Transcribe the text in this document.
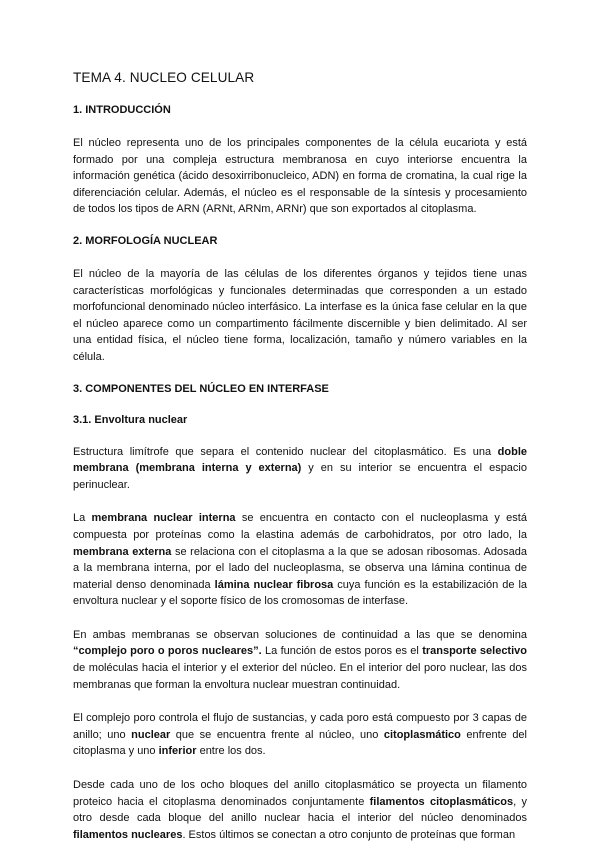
TEMA 4. NUCLEO CELULAR
1. INTRODUCCIÓN

El núcleo representa uno de los principales componentes de la célula eucariota y está formado por una compleja estructura membranosa en cuyo interiorse encuentra la información genética (ácido desoxirribonucleico, ADN) en forma de cromatina, la cual rige la diferenciación celular. Además, el núcleo es el responsable de la síntesis y procesamiento de todos los tipos de ARN (ARNt, ARNm, ARNr) que son exportados al citoplasma.

2. MORFOLOGÍA NUCLEAR

El núcleo de la mayoría de las células de los diferentes órganos y tejidos tiene unas características morfológicas y funcionales determinadas que corresponden a un estado morfofuncional denominado núcleo interfásico. La interfase es la única fase celular en la que el núcleo aparece como un compartimento fácilmente discernible y bien delimitado. Al ser una entidad física, el núcleo tiene forma, localización, tamaño y número variables en la célula.

3. COMPONENTES DEL NÚCLEO EN INTERFASE
3.1. Envoltura nuclear

Estructura limítrofe que separa el contenido nuclear del citoplasmático. Es una doble membrana (membrana interna y externa) y en su interior se encuentra el espacio perinuclear.

La membrana nuclear interna se encuentra en contacto con el nucleoplasma y está compuesta por proteínas como la elastina además de carbohidratos, por otro lado, la membrana externa se relaciona con el citoplasma a la que se adosan ribosomas. Adosada a la membrana interna, por el lado del nucleoplasma, se observa una lámina continua de material denso denominada lámina nuclear fibrosa cuya función es la estabilización de la envoltura nuclear y el soporte físico de los cromosomas de interfase.

En ambas membranas se observan soluciones de continuidad a las que se denomina “complejo poro o poros nucleares”. La función de estos poros es el transporte selectivo de moléculas hacia el interior y el exterior del núcleo. En el interior del poro nuclear, las dos membranas que forman la envoltura nuclear muestran continuidad.

El complejo poro controla el flujo de sustancias, y cada poro está compuesto por 3 capas de anillo; uno nuclear que se encuentra frente al núcleo, uno citoplasmático enfrente del citoplasma y uno inferior entre los dos.

Desde cada uno de los ocho bloques del anillo citoplasmático se proyecta un filamento proteico hacia el citoplasma denominados conjuntamente filamentos citoplasmáticos, y otro desde cada bloque del anillo nuclear hacia el interior del núcleo denominados filamentos nucleares. Estos últimos se conectan a otro conjunto de proteínas que forman
